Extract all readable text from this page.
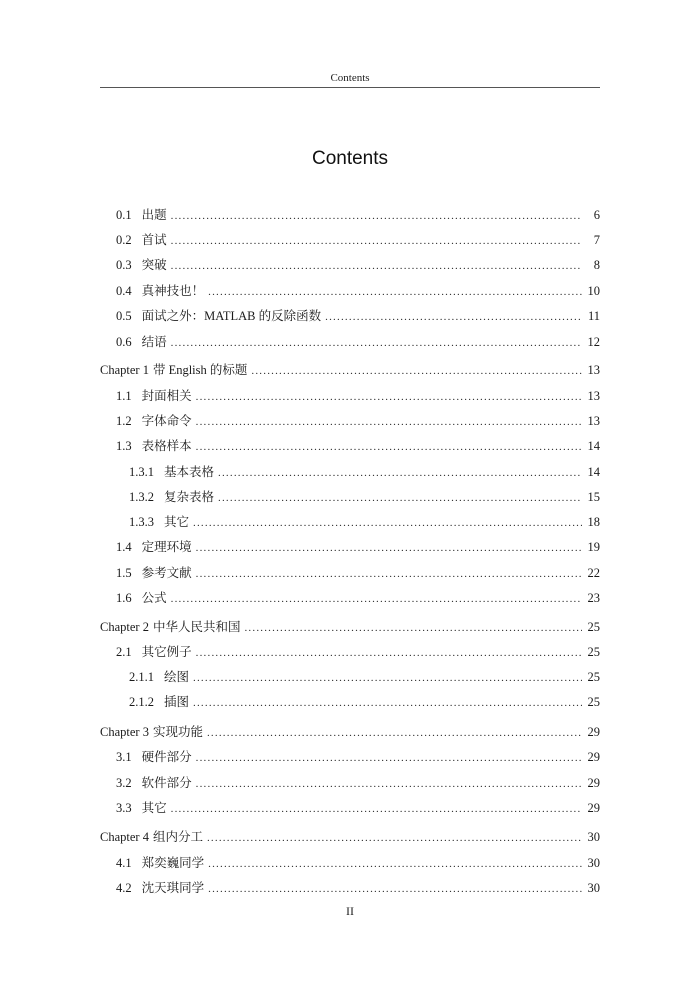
Contents
Contents
0.1 出题 .....	6
0.2 首试 .....	7
0.3 突破 .....	8
0.4 真神技也！ .....	10
0.5 面试之外：MATLAB 的反除函数 .....	11
0.6 结语 .....	12
Chapter 1 带 English 的标题 .....	13
1.1 封面相关 .....	13
1.2 字体命令 .....	13
1.3 表格样本 .....	14
1.3.1 基本表格 .....	14
1.3.2 复杂表格 .....	15
1.3.3 其它 .....	18
1.4 定理环境 .....	19
1.5 参考文献 .....	22
1.6 公式 .....	23
Chapter 2 中华人民共和国 .....	25
2.1 其它例子 .....	25
2.1.1 绘图 .....	25
2.1.2 插图 .....	25
Chapter 3 实现功能 .....	29
3.1 硬件部分 .....	29
3.2 软件部分 .....	29
3.3 其它 .....	29
Chapter 4 组内分工 .....	30
4.1 郑奕巍同学 .....	30
4.2 沈天琪同学 .....	30
II
